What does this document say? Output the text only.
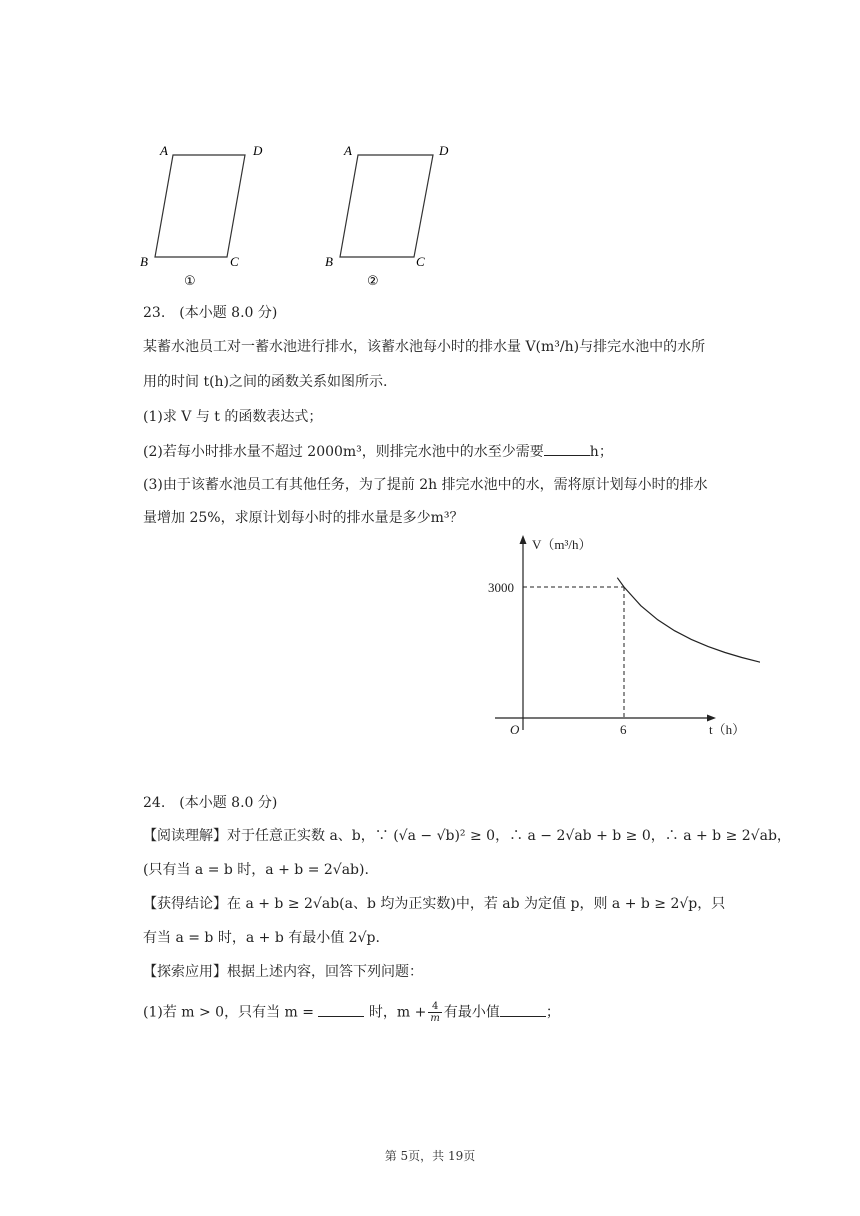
A	D
B	C
①
A	D
B	C
②
23.　(本小题 8.0 分)
某蓄水池员工对一蓄水池进行排水，该蓄水池每小时的排水量 V(m³/h)与排完水池中的水所
用的时间 t(h)之间的函数关系如图所示.
(1)求 V 与 t 的函数表达式；
(2)若每小时排水量不超过 2000m³，则排完水池中的水至少需要	h；
(3)由于该蓄水池员工有其他任务，为了提前 2h 排完水池中的水，需将原计划每小时的排水
量增加 25%，求原计划每小时的排水量是多少m³？
V（m³/h）
t（h）
O	6
3000
24.　(本小题 8.0 分)
【阅读理解】对于任意正实数 a、b，∵ (√a − √b)² ≥ 0，∴ a − 2√ab + b ≥ 0，∴ a + b ≥ 2√ab，
(只有当 a = b 时，a + b = 2√ab).
【获得结论】在 a + b ≥ 2√ab(a、b 均为正实数)中，若 ab 为定值 p，则 a + b ≥ 2√p，只
有当 a = b 时，a + b 有最小值 2√p.
【探索应用】根据上述内容，回答下列问题：
(1)若 m > 0，只有当 m =	时，$m + \frac{4}{m}$ 有最小值	；
第 5页，共 19页
